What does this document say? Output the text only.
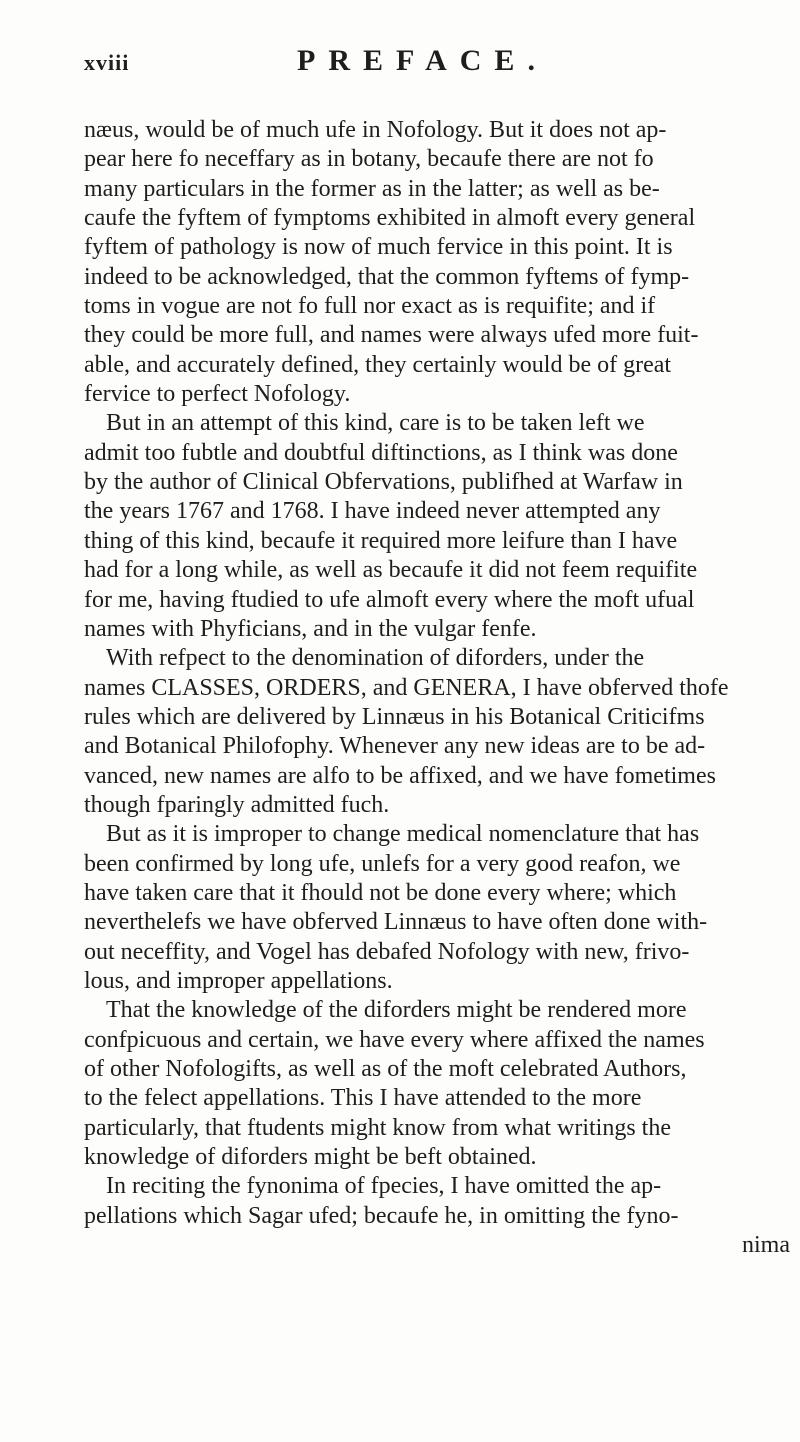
xviii	PREFACE.
næus, would be of much ufe in Nofology. But it does not ap-
pear here fo neceffary as in botany, becaufe there are not fo
many particulars in the former as in the latter; as well as be-
caufe the fyftem of fymptoms exhibited in almoft every general
fyftem of pathology is now of much fervice in this point. It is
indeed to be acknowledged, that the common fyftems of fymp-
toms in vogue are not fo full nor exact as is requifite; and if
they could be more full, and names were always ufed more fuit-
able, and accurately defined, they certainly would be of great
fervice to perfect Nofology.
But in an attempt of this kind, care is to be taken left we
admit too fubtle and doubtful diftinctions, as I think was done
by the author of Clinical Obfervations, publifhed at Warfaw in
the years 1767 and 1768. I have indeed never attempted any
thing of this kind, becaufe it required more leifure than I have
had for a long while, as well as becaufe it did not feem requifite
for me, having ftudied to ufe almoft every where the moft ufual
names with Phyficians, and in the vulgar fenfe.
With refpect to the denomination of diforders, under the
names CLASSES, ORDERS, and GENERA, I have obferved thofe
rules which are delivered by Linnæus in his Botanical Criticifms
and Botanical Philofophy. Whenever any new ideas are to be ad-
vanced, new names are alfo to be affixed, and we have fometimes
though fparingly admitted fuch.
But as it is improper to change medical nomenclature that has
been confirmed by long ufe, unlefs for a very good reafon, we
have taken care that it fhould not be done every where; which
neverthelefs we have obferved Linnæus to have often done with-
out neceffity, and Vogel has debafed Nofology with new, frivo-
lous, and improper appellations.
That the knowledge of the diforders might be rendered more
confpicuous and certain, we have every where affixed the names
of other Nofologifts, as well as of the moft celebrated Authors,
to the felect appellations. This I have attended to the more
particularly, that ftudents might know from what writings the
knowledge of diforders might be beft obtained.
In reciting the fynonima of fpecies, I have omitted the ap-
pellations which Sagar ufed; becaufe he, in omitting the fyno-
nima
